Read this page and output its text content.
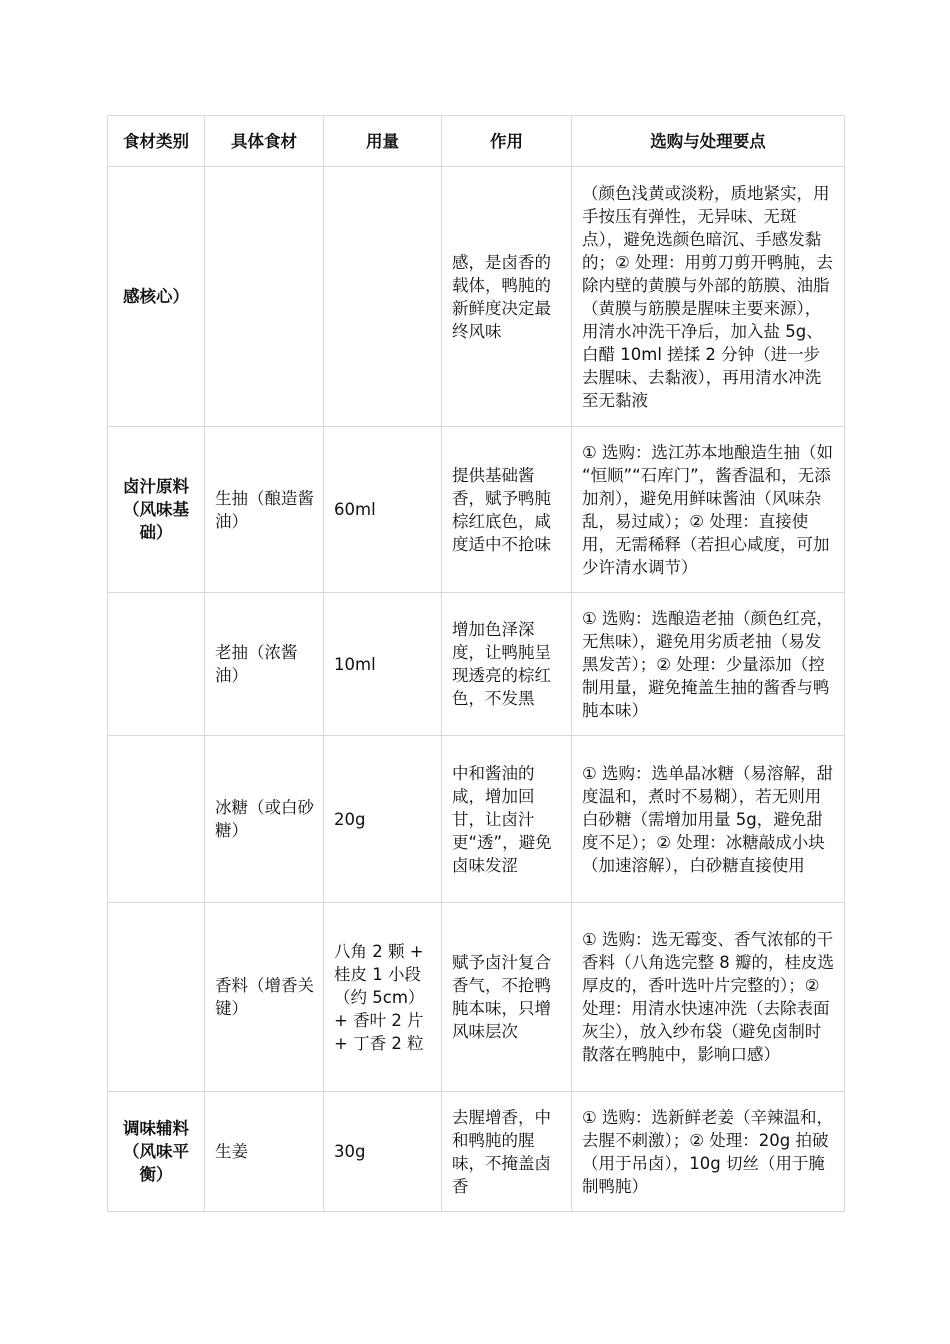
食材类别	具体食材	用量	作用	选购与处理要点
感核心）			感，是卤香的载体，鸭肫的新鲜度决定最终风味	（颜色浅黄或淡粉，质地紧实，用手按压有弹性，无异味、无斑点），避免选颜色暗沉、手感发黏的；② 处理：用剪刀剪开鸭肫，去除内壁的黄膜与外部的筋膜、油脂（黄膜与筋膜是腥味主要来源），用清水冲洗干净后，加入盐 5g、白醋 10ml 搓揉 2 分钟（进一步去腥味、去黏液），再用清水冲洗至无黏液
卤汁原料（风味基础）	生抽（酿造酱油）	60ml	提供基础酱香，赋予鸭肫棕红底色，咸度适中不抢味	① 选购：选江苏本地酿造生抽（如 “恒顺”“石库门”，酱香温和，无添加剂），避免用鲜味酱油（风味杂乱，易过咸）；② 处理：直接使用，无需稀释（若担心咸度，可加少许清水调节）
	老抽（浓酱油）	10ml	增加色泽深度，让鸭肫呈现透亮的棕红色，不发黑	① 选购：选酿造老抽（颜色红亮，无焦味），避免用劣质老抽（易发黑发苦）；② 处理：少量添加（控制用量，避免掩盖生抽的酱香与鸭肫本味）
	冰糖（或白砂糖）	20g	中和酱油的咸，增加回甘，让卤汁更“透”，避免卤味发涩	① 选购：选单晶冰糖（易溶解，甜度温和，煮时不易糊），若无则用白砂糖（需增加用量 5g，避免甜度不足）；② 处理：冰糖敲成小块（加速溶解），白砂糖直接使用
	香料（增香关键）	八角 2 颗 + 桂皮 1 小段（约 5cm）+ 香叶 2 片 + 丁香 2 粒	赋予卤汁复合香气，不抢鸭肫本味，只增风味层次	① 选购：选无霉变、香气浓郁的干香料（八角选完整 8 瓣的，桂皮选厚皮的，香叶选叶片完整的）；② 处理：用清水快速冲洗（去除表面灰尘），放入纱布袋（避免卤制时散落在鸭肫中，影响口感）
调味辅料（风味平衡）	生姜	30g	去腥增香，中和鸭肫的腥味，不掩盖卤香	① 选购：选新鲜老姜（辛辣温和，去腥不刺激）；② 处理：20g 拍破（用于吊卤），10g 切丝（用于腌制鸭肫）
